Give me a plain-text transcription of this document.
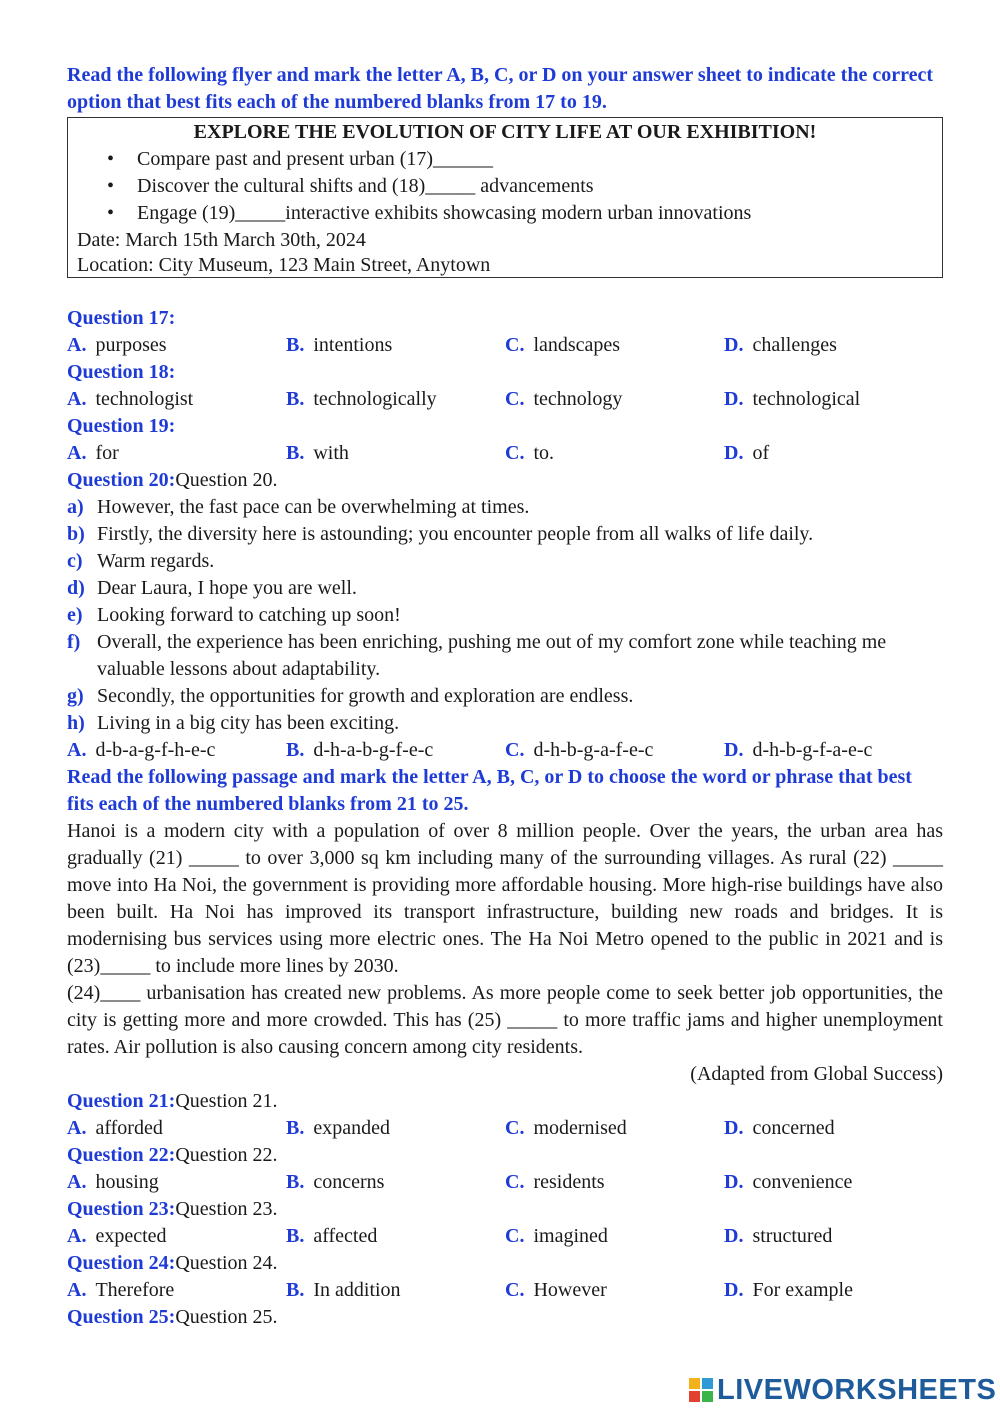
Read the following flyer and mark the letter A, B, C, or D on your answer sheet to indicate the correct option that best fits each of the numbered blanks from 17 to 19.
EXPLORE THE EVOLUTION OF CITY LIFE AT OUR EXHIBITION!
• Compare past and present urban (17)______
• Discover the cultural shifts and (18)_____ advancements
• Engage (19)_____interactive exhibits showcasing modern urban innovations
Date: March 15th March 30th, 2024
Location: City Museum, 123 Main Street, Anytown
Question 17:
A. purposes	B. intentions	C. landscapes	D. challenges
Question 18:
A. technologist	B. technologically	C. technology	D. technological
Question 19:
A. for	B. with	C. to.	D. of
Question 20:Question 20.
a) However, the fast pace can be overwhelming at times.
b) Firstly, the diversity here is astounding; you encounter people from all walks of life daily.
c) Warm regards.
d) Dear Laura, I hope you are well.
e) Looking forward to catching up soon!
f) Overall, the experience has been enriching, pushing me out of my comfort zone while teaching me valuable lessons about adaptability.
g) Secondly, the opportunities for growth and exploration are endless.
h) Living in a big city has been exciting.
A. d-b-a-g-f-h-e-c	B. d-h-a-b-g-f-e-c	C. d-h-b-g-a-f-e-c	D. d-h-b-g-f-a-e-c
Read the following passage and mark the letter A, B, C, or D to choose the word or phrase that best fits each of the numbered blanks from 21 to 25.
Hanoi is a modern city with a population of over 8 million people. Over the years, the urban area has gradually (21) _____ to over 3,000 sq km including many of the surrounding villages. As rural (22) _____ move into Ha Noi, the government is providing more affordable housing. More high-rise buildings have also been built. Ha Noi has improved its transport infrastructure, building new roads and bridges. It is modernising bus services using more electric ones. The Ha Noi Metro opened to the public in 2021 and is (23)_____ to include more lines by 2030.
(24)____ urbanisation has created new problems. As more people come to seek better job opportunities, the city is getting more and more crowded. This has (25) _____ to more traffic jams and higher unemployment rates. Air pollution is also causing concern among city residents.
(Adapted from Global Success)
Question 21:Question 21.
A. afforded	B. expanded	C. modernised	D. concerned
Question 22:Question 22.
A. housing	B. concerns	C. residents	D. convenience
Question 23:Question 23.
A. expected	B. affected	C. imagined	D. structured
Question 24:Question 24.
A. Therefore	B. In addition	C. However	D. For example
Question 25:Question 25.
LIVEWORKSHEETS
